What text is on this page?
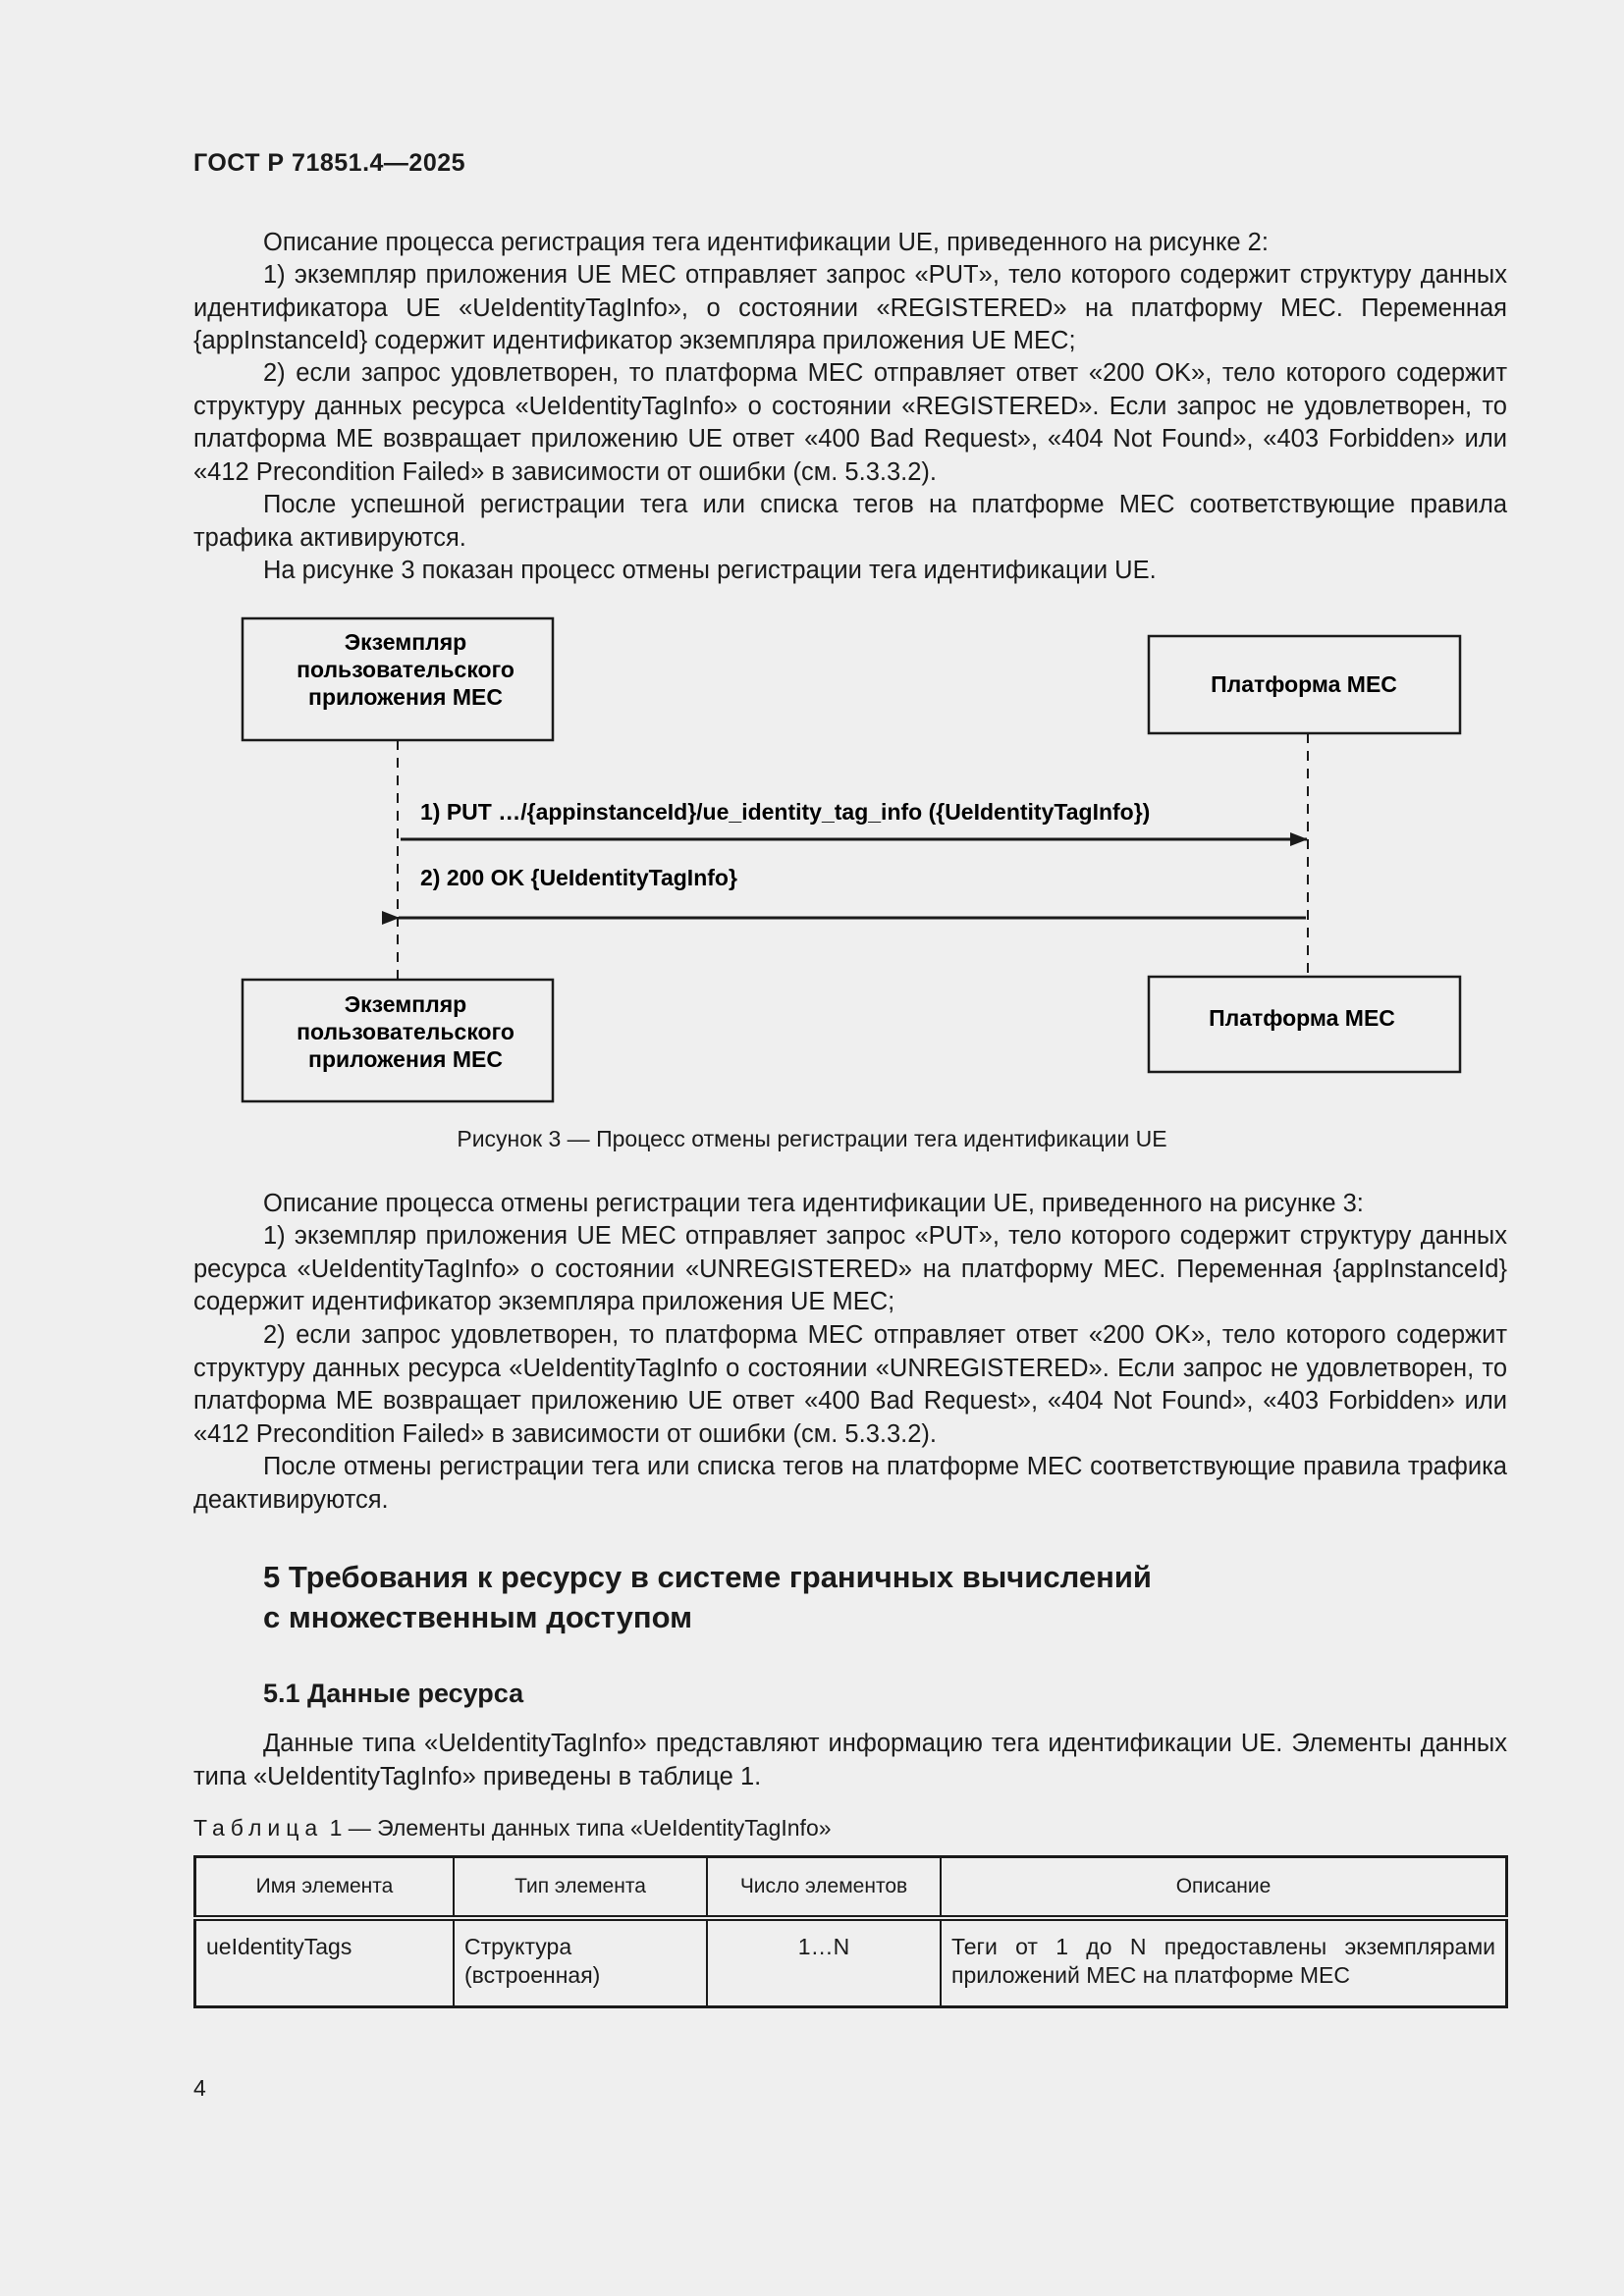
ГОСТ Р 71851.4—2025

Описание процесса регистрация тега идентификации UE, приведенного на рисунке 2:

1) экземпляр приложения UE MEC отправляет запрос «PUT», тело которого содержит структуру данных идентификатора UE «UeIdentityTagInfo», о состоянии «REGISTERED» на платформу MEC. Переменная {appInstanceId} содержит идентификатор экземпляра приложения UE MEC;

2) если запрос удовлетворен, то платформа MEC отправляет ответ «200 OK», тело которого содержит структуру данных ресурса «UeIdentityTagInfo» о состоянии «REGISTERED». Если запрос не удовлетворен, то платформа ME возвращает приложению UE ответ «400 Bad Request», «404 Not Found», «403 Forbidden» или «412 Precondition Failed» в зависимости от ошибки (см. 5.3.3.2).

После успешной регистрации тега или списка тегов на платформе MEC соответствующие правила трафика активируются.

На рисунке 3 показан процесс отмены регистрации тега идентификации UE.

Экземпляр
пользовательского
приложения MEC	Платформа MEC
1) PUT …/{appinstanceId}/ue_identity_tag_info ({UeIdentityTagInfo})
2) 200 OK {UeIdentityTagInfo}
Экземпляр
пользовательского
приложения MEC
Платформа MEC
Рисунок 3 — Процесс отмены регистрации тега идентификации UE

Описание процесса отмены регистрации тега идентификации UE, приведенного на рисунке 3:

1) экземпляр приложения UE MEC отправляет запрос «PUT», тело которого содержит структуру данных ресурса «UeIdentityTagInfo» о состоянии «UNREGISTERED» на платформу MEC. Переменная {appInstanceId} содержит идентификатор экземпляра приложения UE MEC;

2) если запрос удовлетворен, то платформа MEC отправляет ответ «200 OK», тело которого содержит структуру данных ресурса «UeIdentityTagInfo о состоянии «UNREGISTERED». Если запрос не удовлетворен, то платформа ME возвращает приложению UE ответ «400 Bad Request», «404 Not Found», «403 Forbidden» или «412 Precondition Failed» в зависимости от ошибки (см. 5.3.3.2).

После отмены регистрации тега или списка тегов на платформе MEC соответствующие правила трафика деактивируются.

5 Требования к ресурсу в системе граничных вычислений
с множественным доступом
5.1 Данные ресурса

Данные типа «UeIdentityTagInfo» представляют информацию тега идентификации UE. Элементы данных типа «UeIdentityTagInfo» приведены в таблице 1.

Таблица 1 — Элементы данных типа «UeIdentityTagInfo»
Имя элемента	Тип элемента	Число элементов	Описание
ueIdentityTags	Структура (встроенная)	1…N	Теги от 1 до N предоставлены экземплярами приложений MEC на платформе MEC
4
